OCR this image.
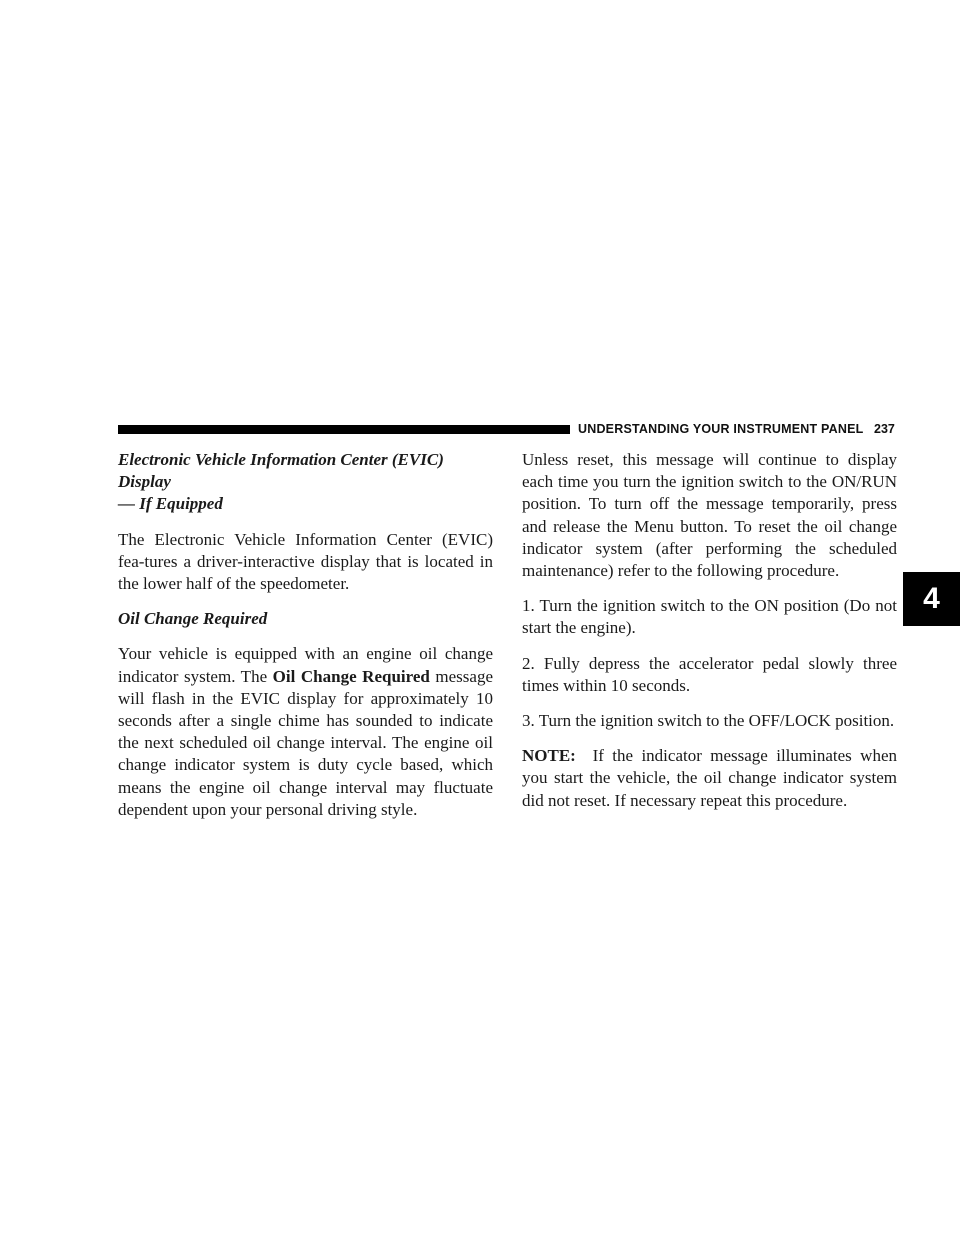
UNDERSTANDING YOUR INSTRUMENT PANEL 237
4

Electronic Vehicle Information Center (EVIC) Display
— If Equipped

The Electronic Vehicle Information Center (EVIC) fea-tures a driver-interactive display that is located in the lower half of the speedometer.

Oil Change Required

Your vehicle is equipped with an engine oil change indicator system. The Oil Change Required message will flash in the EVIC display for approximately 10 seconds after a single chime has sounded to indicate the next scheduled oil change interval. The engine oil change indicator system is duty cycle based, which means the engine oil change interval may fluctuate dependent upon your personal driving style.

Unless reset, this message will continue to display each time you turn the ignition switch to the ON/RUN position. To turn off the message temporarily, press and release the Menu button. To reset the oil change indicator system (after performing the scheduled maintenance) refer to the following procedure.

1. Turn the ignition switch to the ON position (Do not start the engine).

2. Fully depress the accelerator pedal slowly three times within 10 seconds.

3. Turn the ignition switch to the OFF/LOCK position.

NOTE:  If the indicator message illuminates when you start the vehicle, the oil change indicator system did not reset. If necessary repeat this procedure.
